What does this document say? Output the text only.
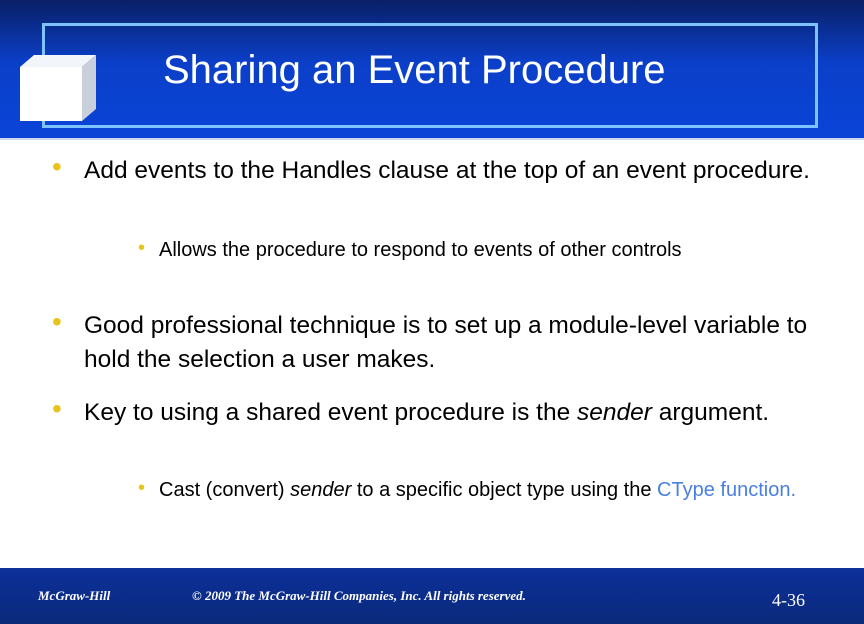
Sharing an Event Procedure
• Add events to the Handles clause at the top of an event procedure.
• Allows the procedure to respond to events of other controls
• Good professional technique is to set up a module-level variable to hold the selection a user makes.
• Key to using a shared event procedure is the sender argument.
• Cast (convert) sender to a specific object type using the CType function.
McGraw-Hill	© 2009 The McGraw-Hill Companies, Inc. All rights reserved.	4-36
